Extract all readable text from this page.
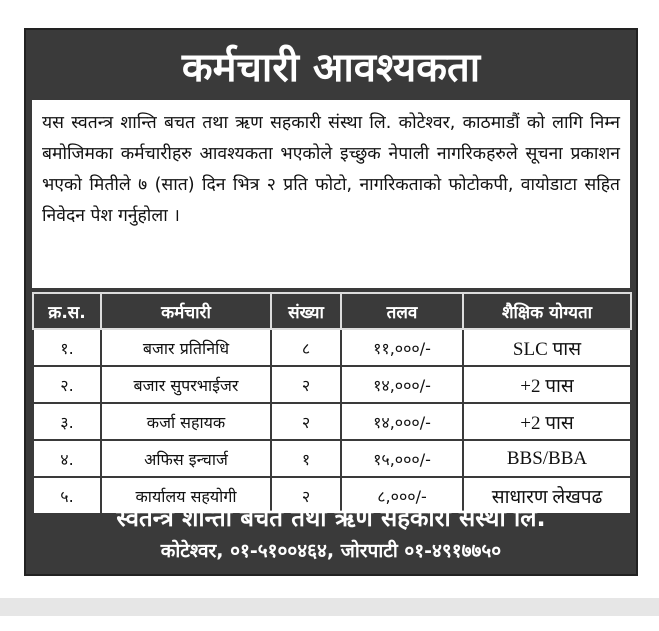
कर्मचारी आवश्यकता
यस स्वतन्त्र शान्ति बचत तथा ऋण सहकारी संस्था लि. कोटेश्वर, काठमाडौं को लागि निम्न बमोजिमका कर्मचारीहरु आवश्यकता भएकोले इच्छुक नेपाली नागरिकहरुले सूचना प्रकाशन भएको मितीले ७ (सात) दिन भित्र २ प्रति फोटो, नागरिकताको फोटोकपी, वायोडाटा सहित निवेदन पेश गर्नुहोला ।
क्र.स.	कर्मचारी	संख्या	तलव	शैक्षिक योग्यता
१.	बजार प्रतिनिधि	८	११,०००/-	SLC पास
२.	बजार सुपरभाईजर	२	१४,०००/-	+2 पास
३.	कर्जा सहायक	२	१४,०००/-	+2 पास
४.	अफिस इन्चार्ज	१	१५,०००/-	BBS/BBA
५.	कार्यालय सहयोगी	२	८,०००/-	साधारण लेखपढ
स्वतन्त्र शान्ती बचत तथा ऋण सहकारी संस्था लि.
कोटेश्वर, ०१-५१००४६४, जोरपाटी ०१-४९१७७५०
